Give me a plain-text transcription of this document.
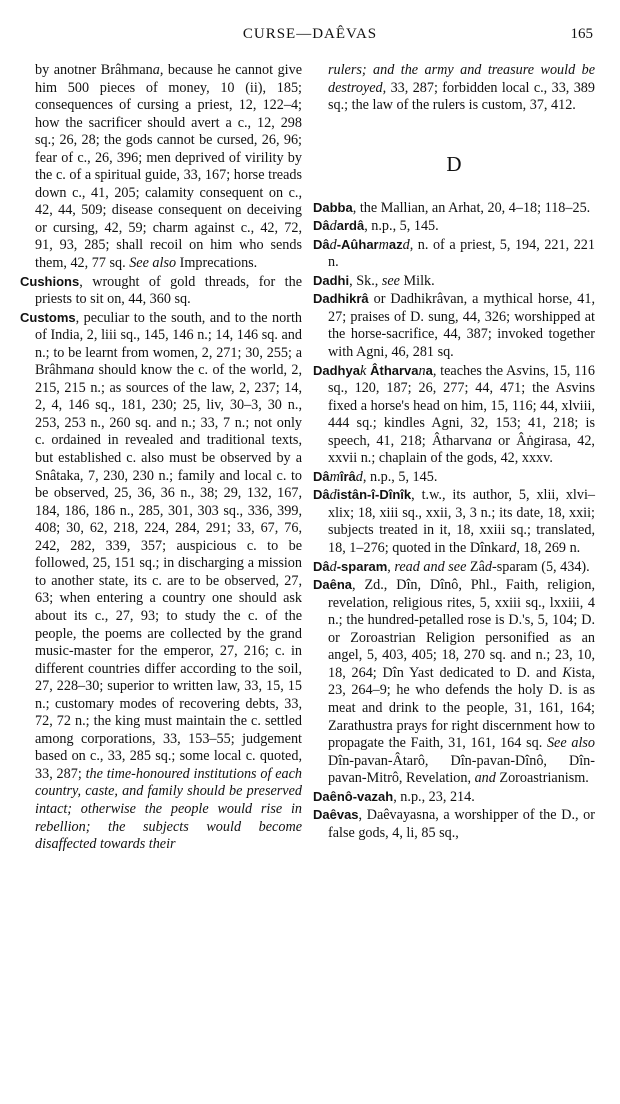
CURSE—DAÊVAS	165

by anotner Brâhmana, because he cannot give him 500 pieces of money, 10 (ii), 185; consequences of cursing a priest, 12, 122–4; how the sacrificer should avert a c., 12, 298 sq.; 26, 28; the gods cannot be cursed, 26, 96; fear of c., 26, 396; men deprived of virility by the c. of a spiritual guide, 33, 167; horse treads down c., 41, 205; calamity consequent on c., 42, 44, 509; disease consequent on deceiving or cursing, 42, 59; charm against c., 42, 72, 91, 93, 285; shall recoil on him who sends them, 42, 77 sq. See also Imprecations.

Cushions, wrought of gold threads, for the priests to sit on, 44, 360 sq.

Customs, peculiar to the south, and to the north of India, 2, liii sq., 145, 146 n.; 14, 146 sq. and n.; to be learnt from women, 2, 271; 30, 255; a Brâhmana should know the c. of the world, 2, 215, 215 n.; as sources of the law, 2, 237; 14, 2, 4, 146 sq., 181, 230; 25, liv, 30–3, 30 n., 253, 253 n., 260 sq. and n.; 33, 7 n.; not only c. ordained in revealed and traditional texts, but established c. also must be observed by a Snâtaka, 7, 230, 230 n.; family and local c. to be observed, 25, 36, 36 n., 38; 29, 132, 167, 184, 186, 186 n., 285, 301, 303 sq., 336, 399, 408; 30, 62, 218, 224, 284, 291; 33, 67, 76, 242, 282, 339, 357; auspicious c. to be followed, 25, 151 sq.; in discharging a mission to another state, its c. are to be observed, 27, 63; when entering a country one should ask about its c., 27, 93; to study the c. of the people, the poems are collected by the grand music-master for the emperor, 27, 216; c. in different countries differ according to the soil, 27, 228–30; superior to written law, 33, 15, 15 n.; customary modes of recovering debts, 33, 72, 72 n.; the king must maintain the c. settled among corporations, 33, 153–55; judgement based on c., 33, 285 sq.; some local c. quoted, 33, 287; the time-honoured institutions of each country, caste, and family should be preserved intact; otherwise the people would rise in rebellion; the subjects would become disaffected towards their

rulers; and the army and treasure would be destroyed, 33, 287; forbidden local c., 33, 389 sq.; the law of the rulers is custom, 37, 412.

D

Dabba, the Mallian, an Arhat, 20, 4–18; 118–25.

Dâdardâ, n.p., 5, 145.

Dâd-Aûharmazd, n. of a priest, 5, 194, 221, 221 n.

Dadhi, Sk., see Milk.

Dadhikrâ or Dadhikrâvan, a mythical horse, 41, 27; praises of D. sung, 44, 326; worshipped at the horse-sacrifice, 44, 387; invoked together with Agni, 46, 281 sq.

Dadhyak Âtharvana, teaches the Asvins, 15, 116 sq., 120, 187; 26, 277; 44, 471; the Asvins fixed a horse's head on him, 15, 116; 44, xlviii, 444 sq.; kindles Agni, 32, 153; 41, 218; is speech, 41, 218; Âtharvana or Âṅgirasa, 42, xxvii n.; chaplain of the gods, 42, xxxv.

Dâmîrâd, n.p., 5, 145.

Dâdistân-î-Dînîk, t.w., its author, 5, xlii, xlvi–xlix; 18, xiii sq., xxii, 3, 3 n.; its date, 18, xxii; subjects treated in it, 18, xxiii sq.; translated, 18, 1–276; quoted in the Dînkard, 18, 269 n.

Dâd-sparam, read and see Zâd-sparam (5, 434).

Daêna, Zd., Dîn, Dînô, Phl., Faith, religion, revelation, religious rites, 5, xxiii sq., lxxiii, 4 n.; the hundred-petalled rose is D.'s, 5, 104; D. or Zoroastrian Religion personified as an angel, 5, 403, 405; 18, 270 sq. and n.; 23, 10, 18, 264; Dîn Yast dedicated to D. and Kista, 23, 264–9; he who defends the holy D. is as meat and drink to the people, 31, 161, 164; Zarathustra prays for right discernment how to propagate the Faith, 31, 161, 164 sq. See also Dîn-pavan-Âtarô, Dîn-pavan-Dînô, Dîn-pavan-Mitrô, Revelation, and Zoroastrianism.

Daênô-vazah, n.p., 23, 214.

Daêvas, Daêvayasna, a worshipper of the D., or false gods, 4, li, 85 sq.,
